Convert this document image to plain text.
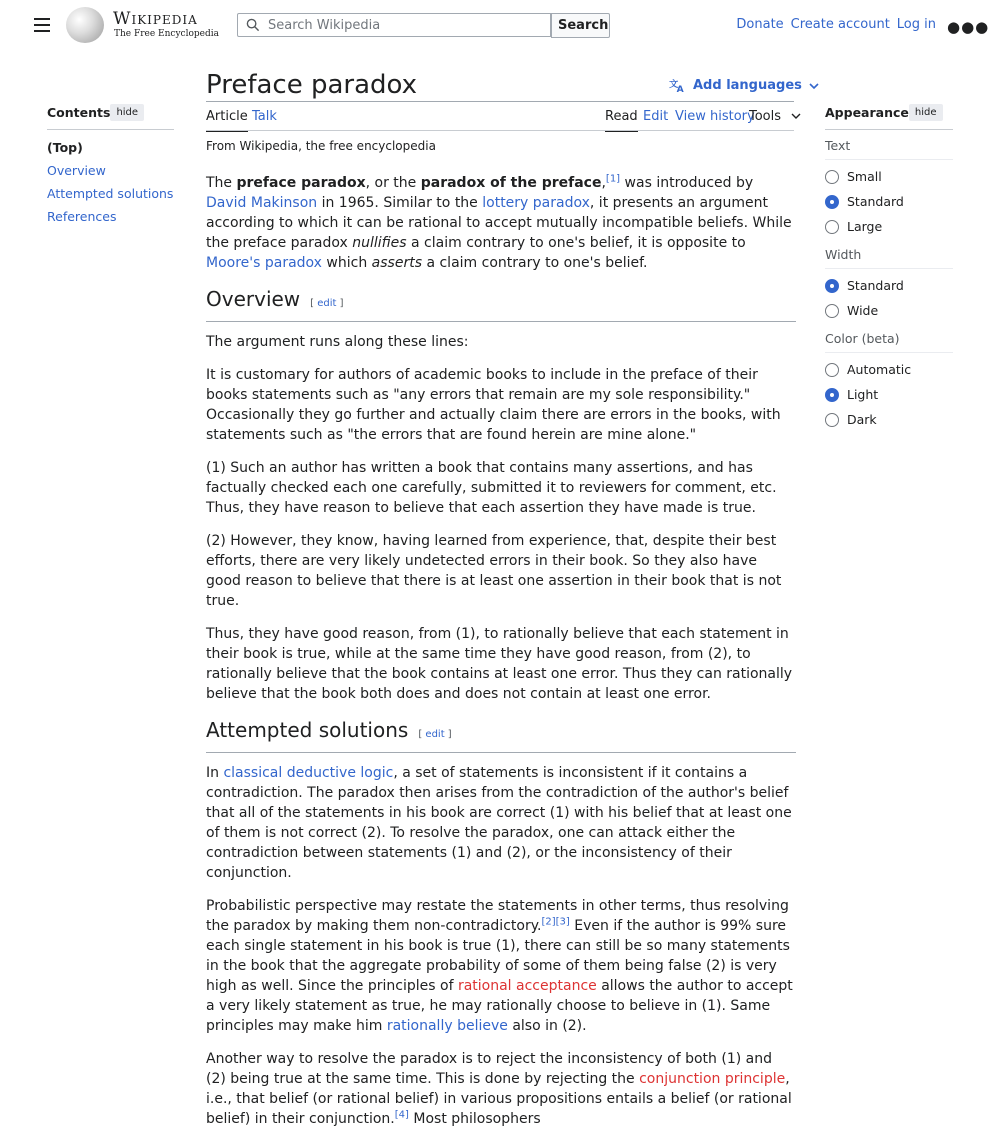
Wikipedia
The Free Encyclopedia
Search Wikipedia
Search	Donate Create account Log in ●●●
Preface paradox	文
A Add languages
Article Talk	Read Edit View history
Tools
Contents hide
(Top)
Overview
Attempted solutions
References

From Wikipedia, the free encyclopedia

The preface paradox, or the paradox of the preface,[1] was introduced by David Makinson in 1965. Similar to the lottery paradox, it presents an argument according to which it can be rational to accept mutually incompatible beliefs. While the preface paradox nullifies a claim contrary to one's belief, it is opposite to Moore's paradox which asserts a claim contrary to one's belief.

Overview [ edit ]

The argument runs along these lines:

It is customary for authors of academic books to include in the preface of their books statements such as "any errors that remain are my sole responsibility." Occasionally they go further and actually claim there are errors in the books, with statements such as "the errors that are found herein are mine alone."

(1) Such an author has written a book that contains many assertions, and has factually checked each one carefully, submitted it to reviewers for comment, etc. Thus, they have reason to believe that each assertion they have made is true.

(2) However, they know, having learned from experience, that, despite their best efforts, there are very likely undetected errors in their book. So they also have good reason to believe that there is at least one assertion in their book that is not true.

Thus, they have good reason, from (1), to rationally believe that each statement in their book is true, while at the same time they have good reason, from (2), to rationally believe that the book contains at least one error. Thus they can rationally believe that the book both does and does not contain at least one error.

Attempted solutions [ edit ]

In classical deductive logic, a set of statements is inconsistent if it contains a contradiction. The paradox then arises from the contradiction of the author's belief that all of the statements in his book are correct (1) with his belief that at least one of them is not correct (2). To resolve the paradox, one can attack either the contradiction between statements (1) and (2), or the inconsistency of their conjunction.

Probabilistic perspective may restate the statements in other terms, thus resolving the paradox by making them non-contradictory.[2][3] Even if the author is 99% sure each single statement in his book is true (1), there can still be so many statements in the book that the aggregate probability of some of them being false (2) is very high as well. Since the principles of rational acceptance allows the author to accept a very likely statement as true, he may rationally choose to believe in (1). Same principles may make him rationally believe also in (2).

Another way to resolve the paradox is to reject the inconsistency of both (1) and (2) being true at the same time. This is done by rejecting the conjunction principle, i.e., that belief (or rational belief) in various propositions entails a belief (or rational belief) in their conjunction.[4] Most philosophers

Appearance hide
Text
Small
Standard
Large
Width
Standard
Wide
Color (beta)
Automatic
Light
Dark
